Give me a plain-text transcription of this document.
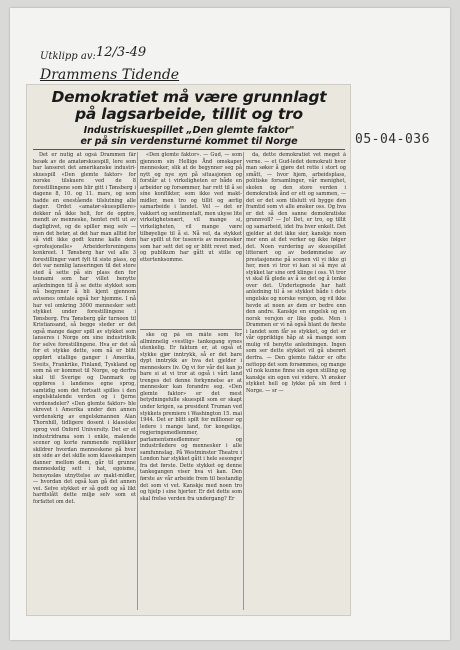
Utklipp av: 12/3-49
Drammens Tidende
05-04-036
Demokratiet må være grunnlagt
på lagsarbeide, tillit og tro
Industriskuespillet „Den glemte faktor"
er på sin verdensturné kommet til Norge

Det er nutig at også Drammen får besøk av de amatørskuespill, lere som har lanseret det amerikanske industri-skuespill «Den glemte faktor» for norske tilskuere ved de 8 forestillingene som blir gitt i Tønsberg i dagene 8, 10. og 11. mars, og som hadde en enestående tilslutning alle dager. Ordet «amatør-skuespillere» dekker nå ikke helt, for de opptre, mendt av menneske, hentet rett ut av dagliglivet, og de spiller meg selv — men det betør, at det har man alltid for så vidt ikke godt kunne kalle dem «profesjonelle» Arbeiderforeningens konkreet. I Tønsberg har vel alle 3 forestillinger vært fylt til siste plass, og det var nemlig lanseringen til det store sted å sette på sin plass den for tsunami som har villet benytte anledningen til å se dette stykket som nå begynner å bli kjent gjennom avisenes omtale også her hjemme. I nå har vel omkring 3000 mennesker sett stykket under forestillingene i Tønsberg. Fra Tønsberg går turneen til Kristiansand, så begge steder er det også mange dager spill av stykket som lanseres i Norge om sine industrifolk for selve forestillingene. Hva er det så for et stykke dette, som nå er blitt oppført utallige ganger i Amerika, Sveits, Frankrike, Finland, Tyskland og som nå er kommet til Norge, og derfra skal til Sverige og Danmark og oppføres i landenes egne sprog, samtidig som det fortsatt spilles i den engelsktalende verden og i fjerne verdensdeler? «Den glemte faktor» ble skrevet i Amerika under den annen verdenskrig av engelskmannen Alan Thornhill, tidligere dosent i klassiske sprog ved Oxford University. Det er et industridrama som i enkle, malende scener og korte rammende replikker skildrer hvordan menneskene på hver sin side av det skille som klassekampen danner mellom dem, går til grunne menneskelig sett i hat, egoisme, hensynsløs utnyttelse av makt-midler, — hvordan det også kan gå det annen vei. Selve stykket er så godt og så likt hardtslått dette miljø selv som et forfattet om det.

«Den glemte faktor». — Gud, — som gjennom sin Hellige Ånd omskaper mennesker, slik at de begynner seg på nytt og nye syn på situasjonen og forstår at i virkeligheten er både en arbeider og forsømmer, har rett til å se sine konflikter, som ikke ved makt-midler, men tro og tillit og ærlig samarbeide i landet. Vel — det er vakkert og sentimentalt, men ukyse lite virkelighetsnært, vil mange si, virkeligheten, vil mange være tilbøyelige til å si. Nå vel, da stykket har spillt ut for tusenvis av mennesker som har sett det og er blitt revet med, og publikum har gått ut stille og ettertenksomme.

ske og på en måte som for allminnelig «vestlig» tankegang synes utenkelig. Er faktum er, at også et stykke gjør inntrykk, så er det bare dypt inntrykk av hva det gjelder i menneskers liv. Og vi for vår del kan jo bare si at vi tror at også i vårt land trenges det denne forkynnelse av at mennesker kan forandre seg. «Den glemte faktor» er det mest betydningsfulle skuespill som er skapt under krigen, sa president Truman ved stykkets premiere i Washington 15. mai 1944. Det er blitt spilt for millioner og ledere i mange land, for kongelige, regjeringsmedlemmer, parlamentsmedlemmer og industriledere og mennesker i alle samfunnslag. På Westminster Theatre i London har stykket gått i hele sesonger fra det første. Dette stykket og denne tankegangen viser hva vi kan. Den første av vår arbeide frem til bestandig det som vi vet. Kanskje med noen tro og hjelp i sine hjerter. Er det dette som skal frelse verden fra undergang? Er

da, dette demokratiet vet meget å verne. — et Gud-ledet demokrati hvor man søker å gjøre det rette i stort og smått, — hvor hjem, arbeidsplass, politiske forsamlinger, vår menighet, skolen og den store verden i demokratisk ånd er ett og sammen, — det er det som tilslutt vil bygge den framtid som vi alle ønsker oss. Og hva er det så den sanne demokratiske grunnvoll? — Jo! Det, er tro, og tillit og samarbeid, idet fra hver enkelt. Det gjelder at det ikke sier, kanskje noen mer enn at det verker og ikke følger det. Noen vurdering av skuespillet litterært og av bedømmelse av prestasjonene på scenen vil vi ikke gi her, men vi tror vi kan si så mye at stykket lar sine ord klinge i oss. Vi tror vi skal få glede av å se det og å tenke over det. Undertegnede har hatt anledning til å se stykket både i dets engelske og norske versjon, og vil ikke hevde at noen av dem er bedre enn den andre. Kanskje en engelsk og en norsk versjon er like gode. Men i Drammen er vi nå også blant de første i landet som får se stykket, og det er vår oppriktige håp at så mange som mulig vil benytte anledningen. Ingen som ser dette stykket vil gå uberørt derfra. — Den glemte faktor er ofte nettopp det som forsømmes, og mange vil nok kunne finne sin egen stilling og kanskje sin egen vei videre. Vi ønsker stykket hell og lykke på sin ferd i Norge. — sr —
